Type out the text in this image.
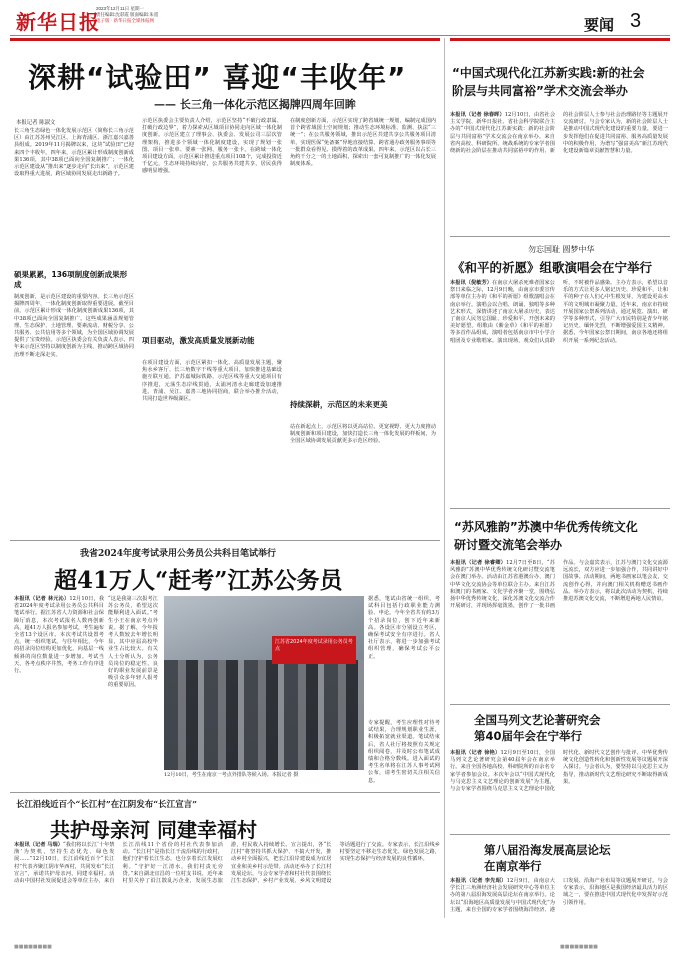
新华日报
2023年12月11日 星期一
责任编辑:沈彩霞 版面编辑:朱遥
电子版 · 新华日报全媒体报网	要闻 3
深耕“试验田” 喜迎“丰收年”
—— 长三角一体化示范区揭牌四周年回眸
本报记者 陈淑文
长三角生态绿色一体化发展示范区（简称长三角示范区）由江苏苏州吴江区、上海青浦区、浙江嘉兴嘉善县组成。2019年11月揭牌以来，这块“试验田”已迎来四个丰收年。四年来，示范区累计形成制度创新成果136项，其中38项已面向全国复制推广；一体化示范区建设从“推出来”逐步走向“长出来”，示范区建设取得重大进展，跨区域协同发展走出新路子。
硕果累累，136项制度创新成果形成
制度创新，是示范区建设的重要内容。长三角示范区揭牌四周年，一体化制度创新取得重要进展。截至目前，示范区累计形成一体化制度创新成果136项，其中38项已面向全国复制推广。这些成果涵盖规划管理、生态保护、土地管理、要素流动、财税分享、公共服务、公共信用等多个领域，为全国区域协调发展提供了宝贵经验。示范区执委会有关负责人表示，四年来示范区坚持以制度创新为主线，推动跨区域协同治理不断走深走实。
示范区执委会主要负责人介绍，示范区坚持“不破行政隶属、打破行政边界”，着力探索从区域项目协同走向区域一体化制度创新。示范区建立了理事会、执委会、发展公司三层次管理架构，推进多个领域一体化制度建设，实现了规划一张图、项目一张单、要素一张网、服务一张卡。在跨域一体化项目建设方面，示范区累计推进重点项目108个，完成投资近千亿元，生态环境持续向好，公共服务共建共享，居民获得感明显增强。
项目驱动，激发高质量发展新动能
在项目建设方面，示范区紧扣一体化、高质量发展主题，聚焦水乡客厅、长三角数字干线等重大项目，加快推进基础设施互联互通。沪苏嘉城际铁路、示范区线等重大交通项目有序推进，元荡生态岸线贯通，太浦河清水走廊建设加速推进。青浦、吴江、嘉善三地协同招商，联合举办推介活动，共同打造世界级湖区。
在制度创新方面，示范区实现了跨省域统一规划，编制完成国内首个跨省域国土空间规划；推动生态环境标准、监测、执法“三统一”；在公共服务领域，推出示范区共建共享公共服务项目清单，实现医保“免备案”异地直接结算、跨省通办政务服务事项等一批群众看得见、摸得着的改革成果。四年来，示范区以占长三角约千分之一的土地面积，探索出一套可复制推广的一体化发展制度体系。
持续深耕，示范区的未来更美
站在新起点上，示范区将以更高站位、更宽视野、更大力度推动制度创新和项目建设，加快打造长三角一体化发展的样板间，为全国区域协调发展贡献更多示范区经验。
“中国式现代化江苏新实践:新的社会
阶层与共同富裕”学术交流会举办
本报讯（记者 徐春晖）12月10日，由省社会主义学院、新华日报社、省社会科学院联合主办的“中国式现代化江苏新实践：新的社会阶层与共同富裕”学术交流会在南京举办。来自省内高校、科研院所、统战系统的专家学者围绕新的社会阶层在推动共同富裕中的作用、新的社会阶层人士参与社会治理路径等主题展开交流研讨。与会专家认为，新的社会阶层人士是推动中国式现代化建设的重要力量，要进一步发挥他们在促进共同富裕、服务高质量发展中的积极作用，为谱写“强富美高”新江苏现代化建设新篇章贡献智慧和力量。
勿忘国耻 圆梦中华
《和平的祈愿》组歌演唱会在宁举行
本报讯（倪敏芳）在南京大屠杀死难者国家公祭日来临之际，12月9日晚，由南京市委宣传部等单位主办的《和平的祈愿》组歌演唱会在南京举行。演唱会以合唱、朗诵、独唱等多种艺术形式，深情讲述了南京大屠杀历史，表达了南京人民勿忘国耻、珍爱和平、开创未来的美好愿望。组歌由《紫金草》《和平的祈愿》等多首作品组成，演唱者包括南京市中小学合唱团及专业歌唱家。演出现场，观众们认真聆听，不时被作品感染。主办方表示，希望以音乐的方式让更多人铭记历史、珍爱和平，让和平的种子在人们心中生根发芽，为建设更高水平的文明城市凝聚力量。近年来，南京市持续开展国家公祭系列活动，通过展览、演出、研学等多种形式，引导广大市民特别是青少年铭记历史、缅怀先烈，不断增强爱国主义精神。据悉，今年国家公祭日期间，南京各地还将组织开展一系列纪念活动。
我省2024年度考试录用公务员公共科目笔试举行
超41万人“赶考”江苏公务员
本报讯（记者 林元沁）12月10日，我省2024年度考试录用公务员公共科目笔试举行。据江苏省人力资源和社会保障厅消息，本次考试报名人数再创新高，超41万人报名参加考试，考生遍布全省13个设区市。本次考试共设置考点，统一组织笔试。与往年相比，今年的招录岗位结构更加优化，向基层一线倾斜的岗位数量进一步增加。考试当天，各考点秩序井然，考务工作有序进行。
“这是我第三次报考江苏公务员，希望这次能顺利进入面试。”考生小王在南京考点外说。据了解，今年报考人数较去年增长明显，其中应届高校毕业生占比较大。有关人士分析认为，公务员岗位的稳定性、良好的职业发展前景是吸引众多年轻人报考的重要原因。
江苏省2024年度考试录用公务员考点
12月10日，考生在南京一考点外排队等候入场。本报记者 摄
据悉，笔试由省统一组织，考试科目包括行政职业能力测验、申论。今年全省共有约3万个招录岗位，创下近年来新高。各设区市分别设立考区，确保考试安全有序进行。省人社厅表示，将进一步加强考试组织管理，确保考试公平公正。
专家提醒，考生应理性对待考试结果，合理规划职业生涯，积极拓宽就业渠道。笔试结束后，省人社厅将按照有关规定组织阅卷，并及时公布笔试成绩和合格分数线。进入面试的考生名单将在江苏人事考试网公布，请考生密切关注相关信息。
“苏风雅韵”苏澳中华优秀传统文化
研讨暨交流笔会举办
本报讯（记者 徐睿卿）12月7日至8日，“苏风雅韵”苏澳中华优秀传统文化研讨暨交流笔会在澳门举办。活动由江苏省港澳台办、澳门中华文化交流协会等单位联合主办。来自江苏和澳门的书画家、文化学者齐聚一堂，围绕弘扬中华优秀传统文化、深化苏澳文化交流合作开展研讨，并现场挥毫泼墨，创作了一批书画作品。与会嘉宾表示，江苏与澳门文化交流源远流长，双方应进一步加强合作，共同讲好中国故事。活动期间，两地书画家以笔会友，交流创作心得，并向澳门相关机构赠送书画作品。举办方表示，将以此次活动为契机，持续推进苏澳文化交流，不断增进两地人民情谊。
全国马列文艺论著研究会
第40届年会在宁举行
本报讯（记者 徐艳）12月9日至10日，全国马列文艺论著研究会第40届年会在南京举行。来自全国各地高校、科研院所的百余名专家学者参加会议。本次年会以“中国式现代化与马克思主义文艺理论的创新发展”为主题，与会专家学者围绕马克思主义文艺理论中国化时代化、新时代文艺创作与批评、中华优秀传统文化创造性转化和创新性发展等议题展开深入探讨。与会者认为，要坚持以马克思主义为指导，推动新时代文艺理论研究不断取得新成果。
第八届沿海发展高层论坛
在南京举行
本报讯（记者 李先昭）12月9日，由南京大学长江三角洲经济社会发展研究中心等单位主办的第八届沿海发展高层论坛在南京举行。论坛以“沿海地区高质量发展与中国式现代化”为主题，来自全国的专家学者围绕海洋经济、港口发展、沿海产业布局等议题展开研讨。与会专家表示，沿海地区是我国经济最具活力的区域之一，要在推进中国式现代化中发挥好示范引领作用。
长江沿线近百个“长江村”在江阴发布“长江宣言”
共护母亲河 同建幸福村
本报讯（记者 马瑞）“我们将以长江‘十年禁渔’为契机，坚持生态优先、绿色发展……”12月10日，长江沿线近百个“长江村”代表齐聚江阴市华西村，共同发布“长江宣言”，承诺共护母亲河，同建幸福村。活动由中国村社发展促进会等单位主办，来自长江沿线11个省份的村社代表参加活动。“长江村”是指长江干流沿线的行政村，他们守护着长江生态，也分享着长江发展红利。“守护好一江清水，我们村责无旁贷。”来自湖北宜昌的一位村支书说，近年来村里关停了沿江散乱污企业，发展生态旅游，村民收入持续增长。宣言提出，各“长江村”将坚持共抓大保护、不搞大开发，推动乡村全面振兴，把长江沿岸建设成为宜居宜业和美乡村示范带。活动还举办了长江村发展论坛，与会专家学者和村社代表围绕长江生态保护、乡村产业发展、乡风文明建设等话题进行了交流。专家表示，长江沿线乡村要坚定不移走生态优先、绿色发展之路，实现生态保护与经济发展的良性循环。
■■■■■■■■	■■■■■■■■
